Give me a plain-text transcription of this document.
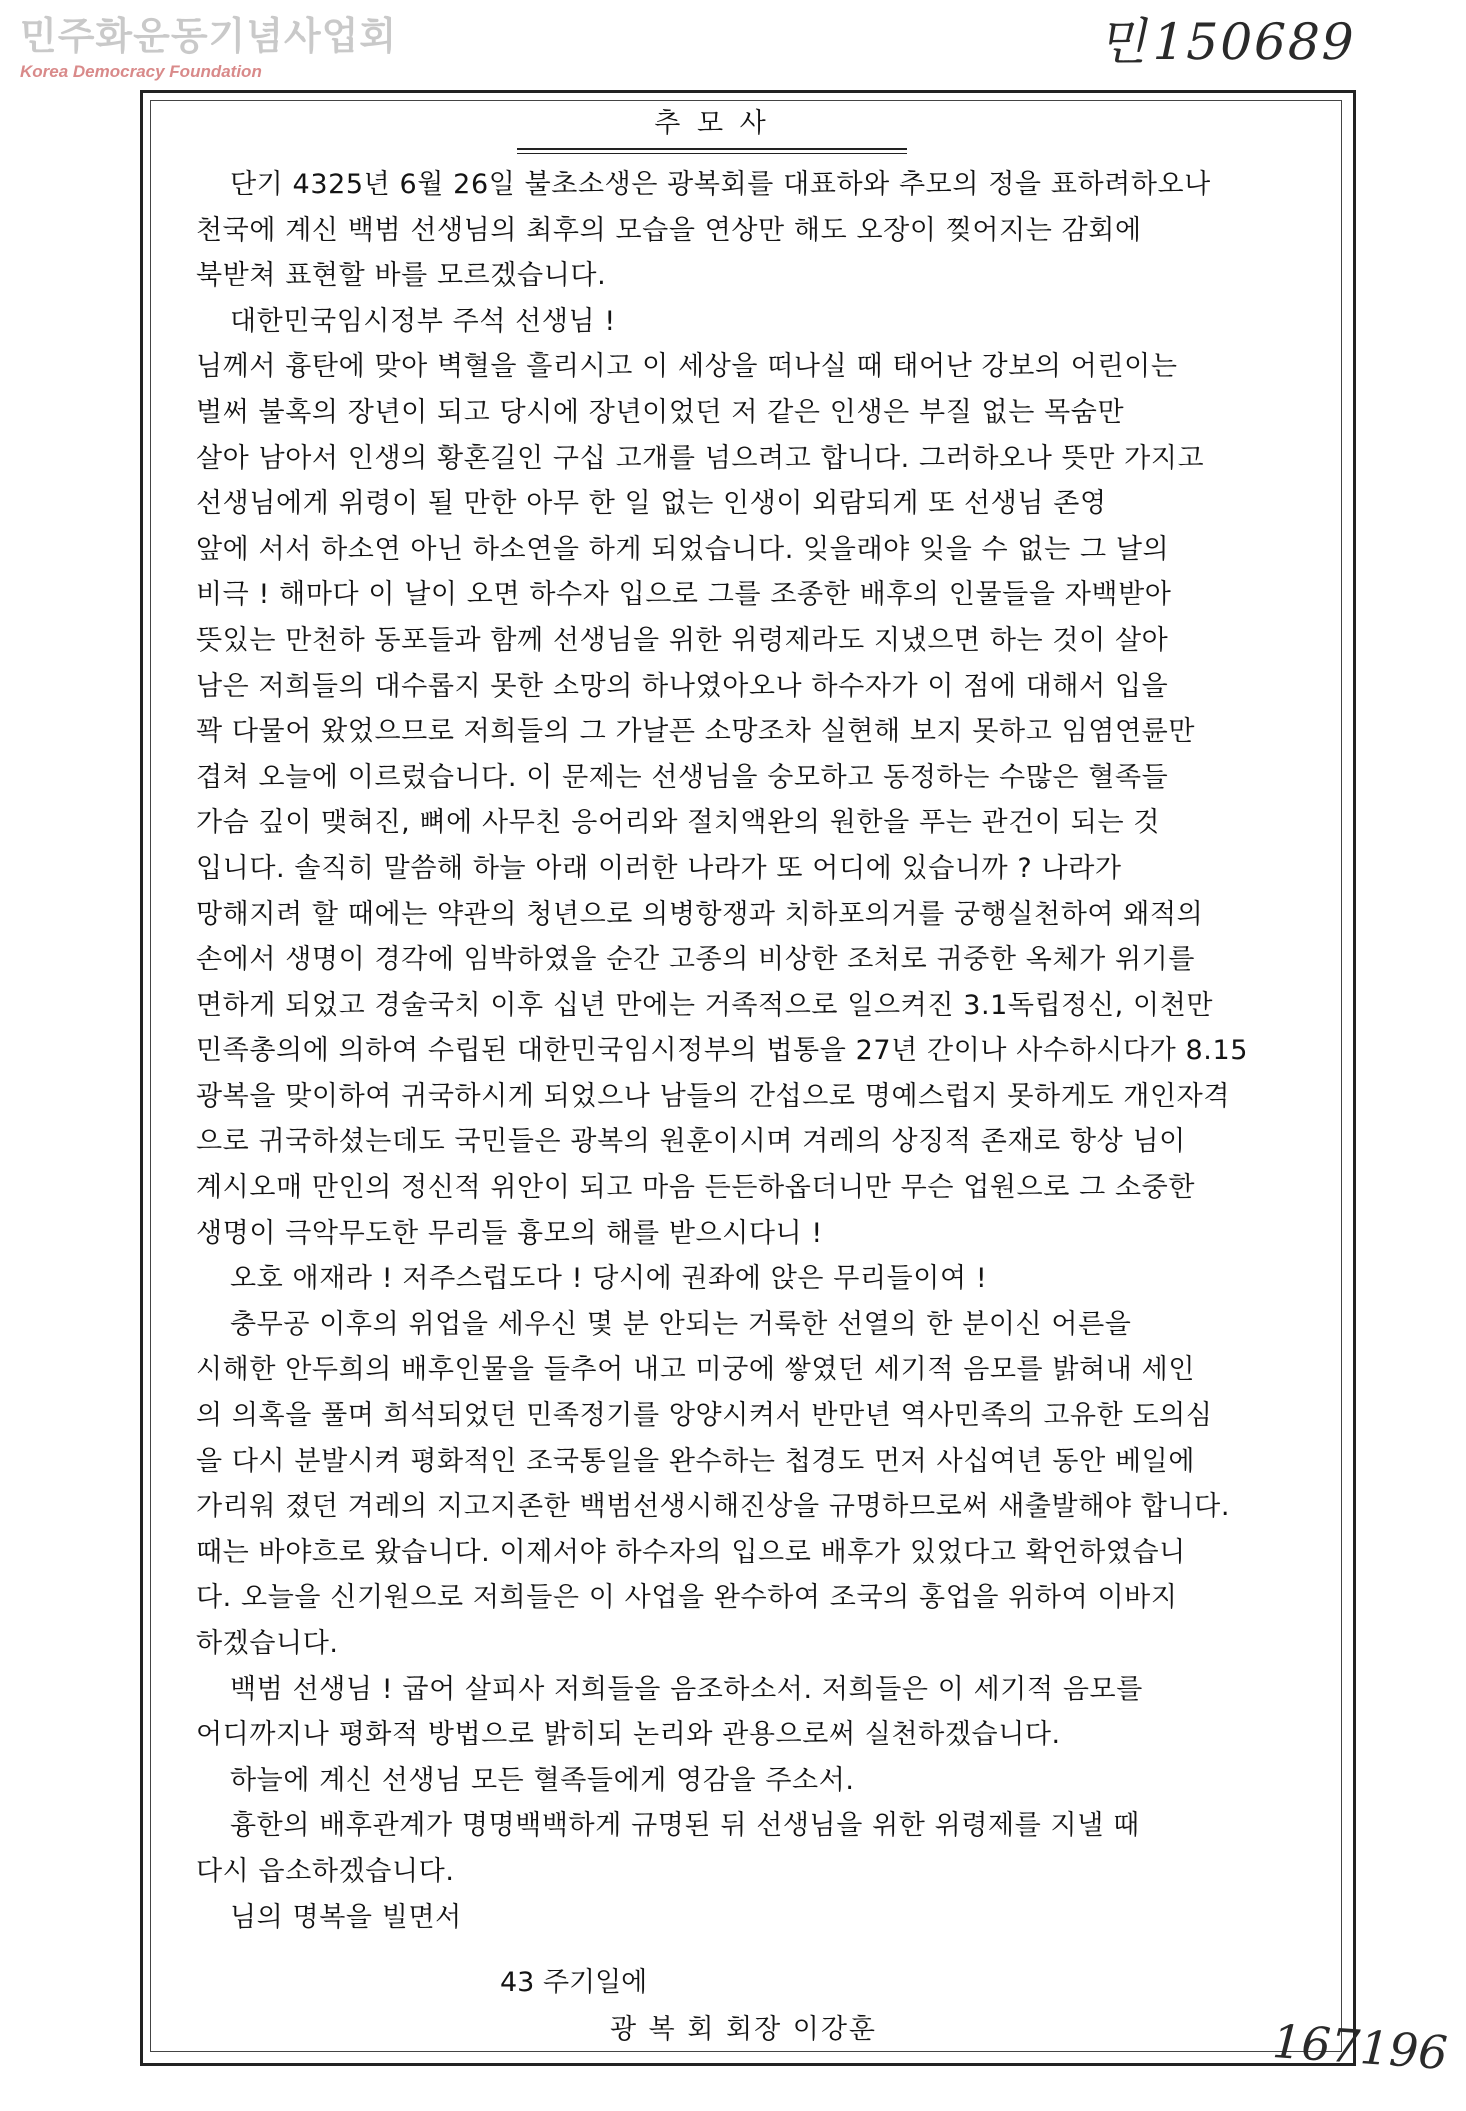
민주화운동기념사업회
Korea Democracy Foundation
민150689
추 모 사
단기 4325년 6월 26일 불초소생은 광복회를 대표하와 추모의 정을 표하려하오나
천국에 계신 백범 선생님의 최후의 모습을 연상만 해도 오장이 찢어지는 감회에
북받쳐 표현할 바를 모르겠습니다.
대한민국임시정부 주석 선생님 !
님께서 흉탄에 맞아 벽혈을 흘리시고 이 세상을 떠나실 때 태어난 강보의 어린이는
벌써 불혹의 장년이 되고 당시에 장년이었던 저 같은 인생은 부질 없는 목숨만
살아 남아서 인생의 황혼길인 구십 고개를 넘으려고 합니다. 그러하오나 뜻만 가지고
선생님에게 위령이 될 만한 아무 한 일 없는 인생이 외람되게 또 선생님 존영
앞에 서서 하소연 아닌 하소연을 하게 되었습니다. 잊을래야 잊을 수 없는 그 날의
비극 ! 해마다 이 날이 오면 하수자 입으로 그를 조종한 배후의 인물들을 자백받아
뜻있는 만천하 동포들과 함께 선생님을 위한 위령제라도 지냈으면 하는 것이 살아
남은 저희들의 대수롭지 못한 소망의 하나였아오나 하수자가 이 점에 대해서 입을
꽉 다물어 왔었으므로 저희들의 그 가날픈 소망조차 실현해 보지 못하고 임염연륜만
겹쳐 오늘에 이르렀습니다. 이 문제는 선생님을 숭모하고 동정하는 수많은 혈족들
가슴 깊이 맺혀진, 뼈에 사무친 응어리와 절치액완의 원한을 푸는 관건이 되는 것
입니다. 솔직히 말씀해 하늘 아래 이러한 나라가 또 어디에 있습니까 ? 나라가
망해지려 할 때에는 약관의 청년으로 의병항쟁과 치하포의거를 궁행실천하여 왜적의
손에서 생명이 경각에 임박하였을 순간 고종의 비상한 조처로 귀중한 옥체가 위기를
면하게 되었고 경술국치 이후 십년 만에는 거족적으로 일으켜진 3.1독립정신, 이천만
민족총의에 의하여 수립된 대한민국임시정부의 법통을 27년 간이나 사수하시다가 8.15
광복을 맞이하여 귀국하시게 되었으나 남들의 간섭으로 명예스럽지 못하게도 개인자격
으로 귀국하셨는데도 국민들은 광복의 원훈이시며 겨레의 상징적 존재로 항상 님이
계시오매 만인의 정신적 위안이 되고 마음 든든하옵더니만 무슨 업원으로 그 소중한
생명이 극악무도한 무리들 흉모의 해를 받으시다니 !
오호 애재라 ! 저주스럽도다 ! 당시에 권좌에 앉은 무리들이여 !
충무공 이후의 위업을 세우신 몇 분 안되는 거룩한 선열의 한 분이신 어른을
시해한 안두희의 배후인물을 들추어 내고 미궁에 쌓였던 세기적 음모를 밝혀내 세인
의 의혹을 풀며 희석되었던 민족정기를 앙양시켜서 반만년 역사민족의 고유한 도의심
을 다시 분발시켜 평화적인 조국통일을 완수하는 첩경도 먼저 사십여년 동안 베일에
가리워 졌던 겨레의 지고지존한 백범선생시해진상을 규명하므로써 새출발해야 합니다.
때는 바야흐로 왔습니다. 이제서야 하수자의 입으로 배후가 있었다고 확언하였습니
다. 오늘을 신기원으로 저희들은 이 사업을 완수하여 조국의 홍업을 위하여 이바지
하겠습니다.
백범 선생님 ! 굽어 살피사 저희들을 음조하소서. 저희들은 이 세기적 음모를
어디까지나 평화적 방법으로 밝히되 논리와 관용으로써 실천하겠습니다.
하늘에 계신 선생님 모든 혈족들에게 영감을 주소서.
흉한의 배후관계가 명명백백하게 규명된 뒤 선생님을 위한 위령제를 지낼 때
다시 읍소하겠습니다.
님의 명복을 빌면서
43 주기일에
광 복 회 회장 이강훈	167196
